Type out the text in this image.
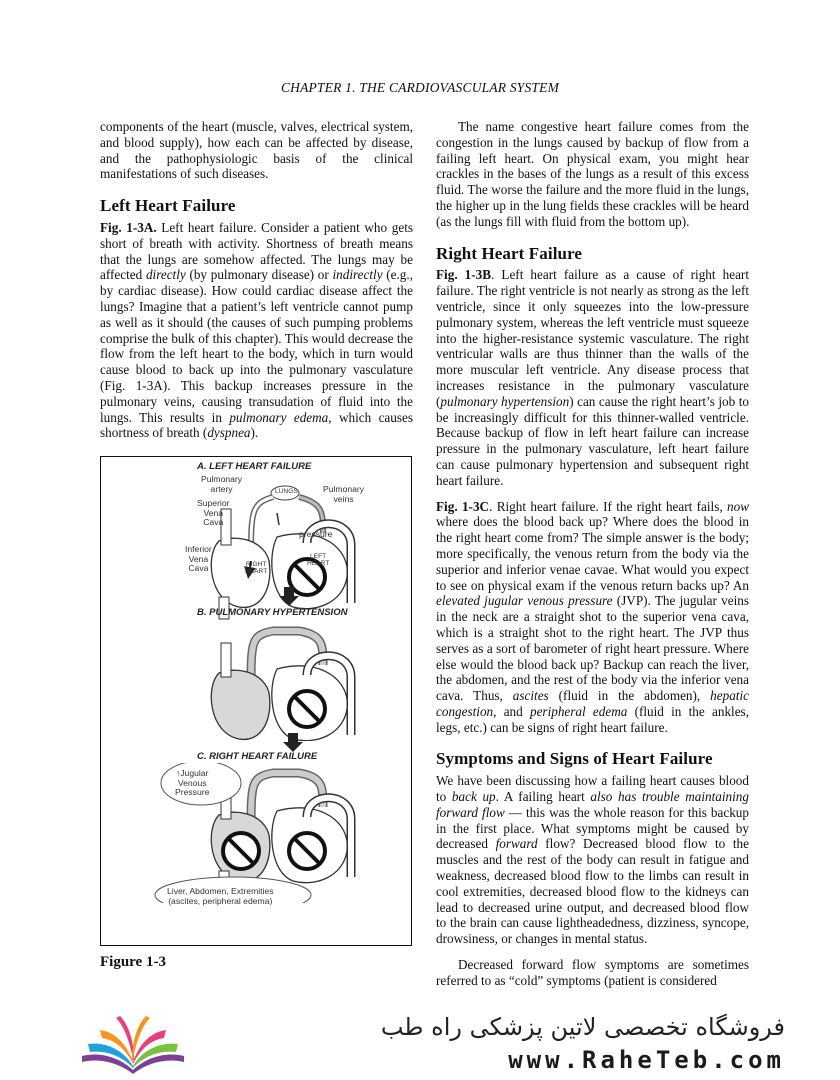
CHAPTER 1. THE CARDIOVASCULAR SYSTEM

components of the heart (muscle, valves, electrical system, and blood supply), how each can be affected by disease, and the pathophysiologic basis of the clinical manifestations of such diseases.

Left Heart Failure

Fig. 1-3A. Left heart failure. Consider a patient who gets short of breath with activity. Shortness of breath means that the lungs are somehow affected. The lungs may be affected directly (by pulmonary disease) or indirectly (e.g., by cardiac disease). How could cardiac disease affect the lungs? Imagine that a patient’s left ventricle cannot pump as well as it should (the causes of such pumping problems comprise the bulk of this chapter). This would decrease the flow from the left heart to the body, which in turn would cause blood to back up into the pulmonary vasculature (Fig. 1-3A). This backup increases pressure in the pulmonary veins, causing transudation of fluid into the lungs. This results in pulmonary edema, which causes shortness of breath (dyspnea).

A. LEFT HEART FAILURE
Pulmonary
artery	LUNGS	Pulmonary
veins
Superior
Vena
Cava
Inferior
Vena
Cava
pressure
LEFT
HEART
RIGHT
HEART
B. PULMONARY HYPERTENSION
C. RIGHT HEART FAILURE
↑Jugular
Venous
Pressure
Liver, Abdomen, Extremities
(ascites, peripheral edema)
Figure 1-3

The name congestive heart failure comes from the congestion in the lungs caused by backup of flow from a failing left heart. On physical exam, you might hear crackles in the bases of the lungs as a result of this excess fluid. The worse the failure and the more fluid in the lungs, the higher up in the lung fields these crackles will be heard (as the lungs fill with fluid from the bottom up).

Right Heart Failure

Fig. 1-3B. Left heart failure as a cause of right heart failure. The right ventricle is not nearly as strong as the left ventricle, since it only squeezes into the low-pressure pulmonary system, whereas the left ventricle must squeeze into the higher-resistance systemic vasculature. The right ventricular walls are thus thinner than the walls of the more muscular left ventricle. Any disease process that increases resistance in the pulmonary vasculature (pulmonary hypertension) can cause the right heart’s job to be increasingly difficult for this thinner-walled ventricle. Because backup of flow in left heart failure can increase pressure in the pulmonary vasculature, left heart failure can cause pulmonary hypertension and subsequent right heart failure.

Fig. 1-3C. Right heart failure. If the right heart fails, now where does the blood back up? Where does the blood in the right heart come from? The simple answer is the body; more specifically, the venous return from the body via the superior and inferior venae cavae. What would you expect to see on physical exam if the venous return backs up? An elevated jugular venous pressure (JVP). The jugular veins in the neck are a straight shot to the superior vena cava, which is a straight shot to the right heart. The JVP thus serves as a sort of barometer of right heart pressure. Where else would the blood back up? Backup can reach the liver, the abdomen, and the rest of the body via the inferior vena cava. Thus, ascites (fluid in the abdomen), hepatic congestion, and peripheral edema (fluid in the ankles, legs, etc.) can be signs of right heart failure.

Symptoms and Signs of Heart Failure

We have been discussing how a failing heart causes blood to back up. A failing heart also has trouble maintaining forward flow — this was the whole reason for this backup in the first place. What symptoms might be caused by decreased forward flow? Decreased blood flow to the muscles and the rest of the body can result in fatigue and weakness, decreased blood flow to the limbs can result in cool extremities, decreased blood flow to the kidneys can lead to decreased urine output, and decreased blood flow to the brain can cause lightheadedness, dizziness, syncope, drowsiness, or changes in mental status.

Decreased forward flow symptoms are sometimes referred to as “cold” symptoms (patient is considered

فروشگاه تخصصی لاتین پزشکی راه طب
www.RaheTeb.com
